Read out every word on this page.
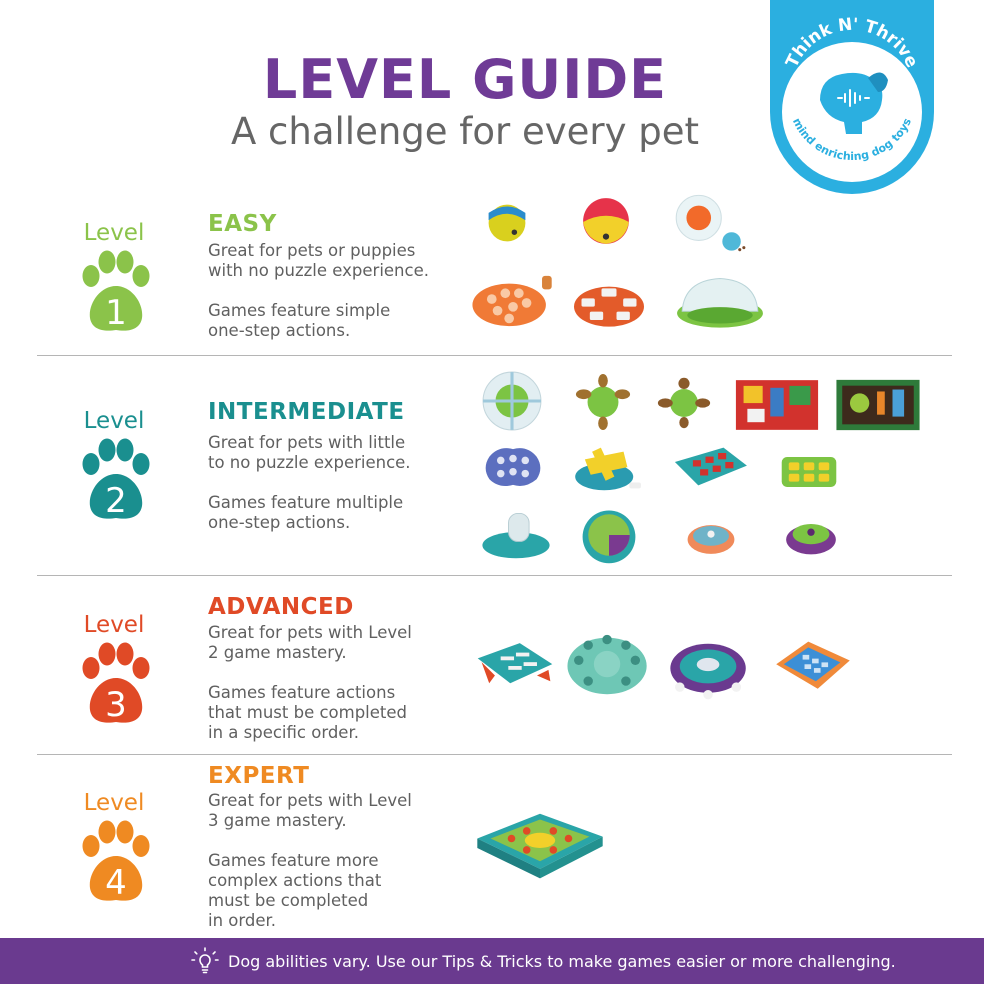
LEVEL GUIDE
A challenge for every pet
Think N' Thrive
mind enriching dog toys
Level
1
EASY
Great for pets or puppies
with no puzzle experience.
Games feature simple
one-step actions.
Level
2
INTERMEDIATE
Great for pets with little
to no puzzle experience.
Games feature multiple
one-step actions.
Level
3
ADVANCED
Great for pets with Level
2 game mastery.
Games feature actions
that must be completed
in a specific order.
Level
4
EXPERT
Great for pets with Level
3 game mastery.
Games feature more
complex actions that
must be completed
in order.
Dog abilities vary. Use our Tips & Tricks to make games easier or more challenging.
